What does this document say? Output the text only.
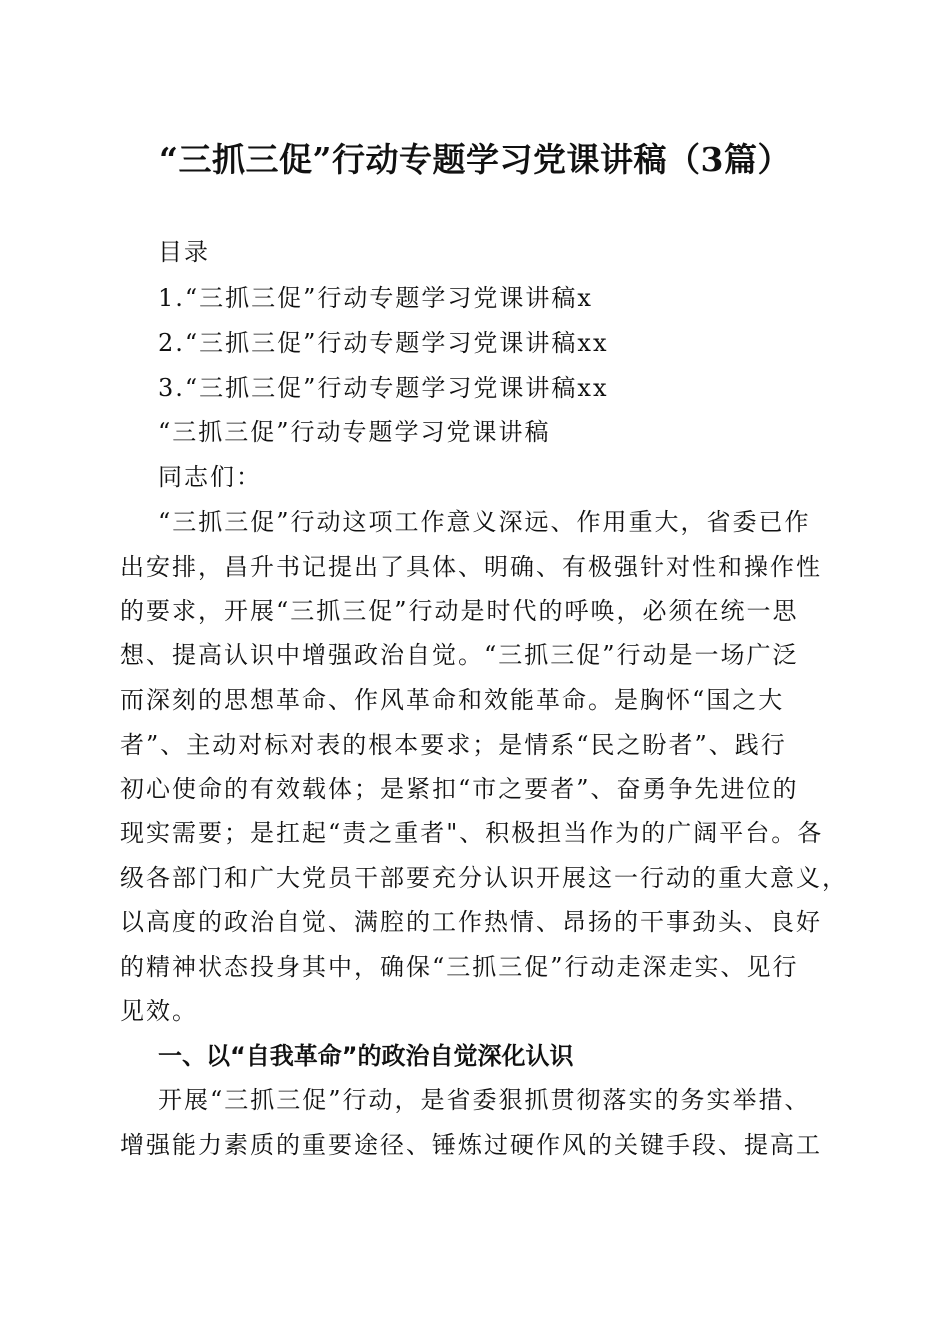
“三抓三促”行动专题学习党课讲稿（3篇）
目录
1.“三抓三促”行动专题学习党课讲稿x
2.“三抓三促”行动专题学习党课讲稿xx
3.“三抓三促”行动专题学习党课讲稿xx
“三抓三促”行动专题学习党课讲稿
同志们：
“三抓三促”行动这项工作意义深远、作用重大，省委已作
出安排，昌升书记提出了具体、明确、有极强针对性和操作性
的要求，开展“三抓三促”行动是时代的呼唤，必须在统一思
想、提高认识中增强政治自觉。“三抓三促”行动是一场广泛
而深刻的思想革命、作风革命和效能革命。是胸怀“国之大
者”、主动对标对表的根本要求；是情系“民之盼者”、践行
初心使命的有效载体；是紧扣“市之要者”、奋勇争先进位的
现实需要；是扛起“责之重者"、积极担当作为的广阔平台。各
级各部门和广大党员干部要充分认识开展这一行动的重大意义，
以高度的政治自觉、满腔的工作热情、昂扬的干事劲头、良好
的精神状态投身其中，确保“三抓三促”行动走深走实、见行
见效。
一、以“自我革命”的政治自觉深化认识
开展“三抓三促”行动，是省委狠抓贯彻落实的务实举措、
增强能力素质的重要途径、锤炼过硬作风的关键手段、提高工
